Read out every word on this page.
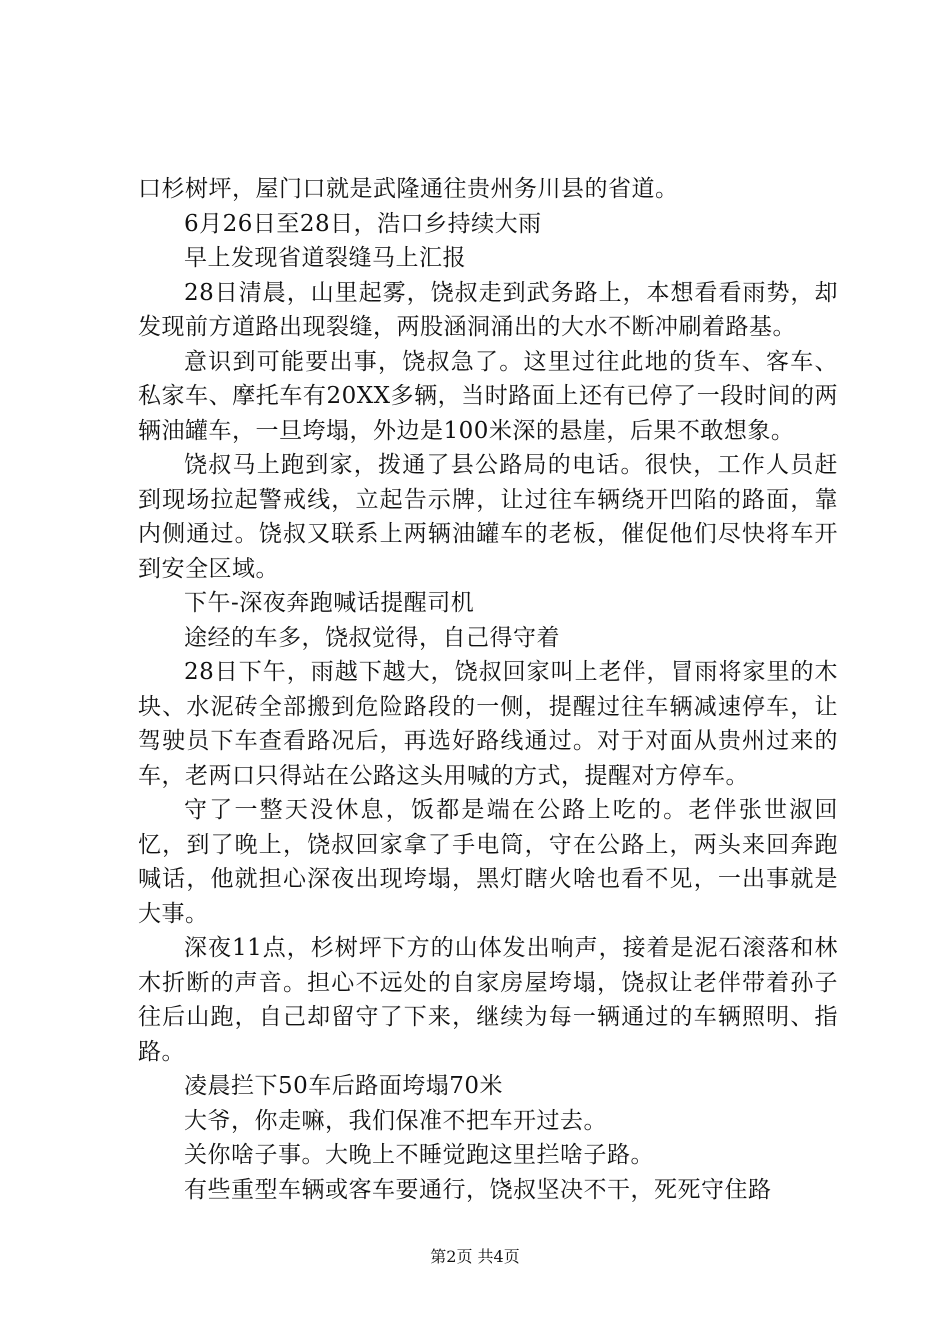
口杉树坪，屋门口就是武隆通往贵州务川县的省道。

6月26日至28日，浩口乡持续大雨

早上发现省道裂缝马上汇报

28日清晨，山里起雾，饶叔走到武务路上，本想看看雨势，却发现前方道路出现裂缝，两股涵洞涌出的大水不断冲刷着路基。

意识到可能要出事，饶叔急了。这里过往此地的货车、客车、私家车、摩托车有20XX多辆，当时路面上还有已停了一段时间的两辆油罐车，一旦垮塌，外边是100米深的悬崖，后果不敢想象。

饶叔马上跑到家，拨通了县公路局的电话。很快，工作人员赶到现场拉起警戒线，立起告示牌，让过往车辆绕开凹陷的路面，靠内侧通过。饶叔又联系上两辆油罐车的老板，催促他们尽快将车开到安全区域。

下午-深夜奔跑喊话提醒司机

途经的车多，饶叔觉得，自己得守着

28日下午，雨越下越大，饶叔回家叫上老伴，冒雨将家里的木块、水泥砖全部搬到危险路段的一侧，提醒过往车辆减速停车，让驾驶员下车查看路况后，再选好路线通过。对于对面从贵州过来的车，老两口只得站在公路这头用喊的方式，提醒对方停车。

守了一整天没休息，饭都是端在公路上吃的。老伴张世淑回忆，到了晚上，饶叔回家拿了手电筒，守在公路上，两头来回奔跑喊话，他就担心深夜出现垮塌，黑灯瞎火啥也看不见，一出事就是大事。

深夜11点，杉树坪下方的山体发出响声，接着是泥石滚落和林木折断的声音。担心不远处的自家房屋垮塌，饶叔让老伴带着孙子往后山跑，自己却留守了下来，继续为每一辆通过的车辆照明、指路。

凌晨拦下50车后路面垮塌70米

大爷，你走嘛，我们保准不把车开过去。

关你啥子事。大晚上不睡觉跑这里拦啥子路。

有些重型车辆或客车要通行，饶叔坚决不干，死死守住路

第2页 共4页
